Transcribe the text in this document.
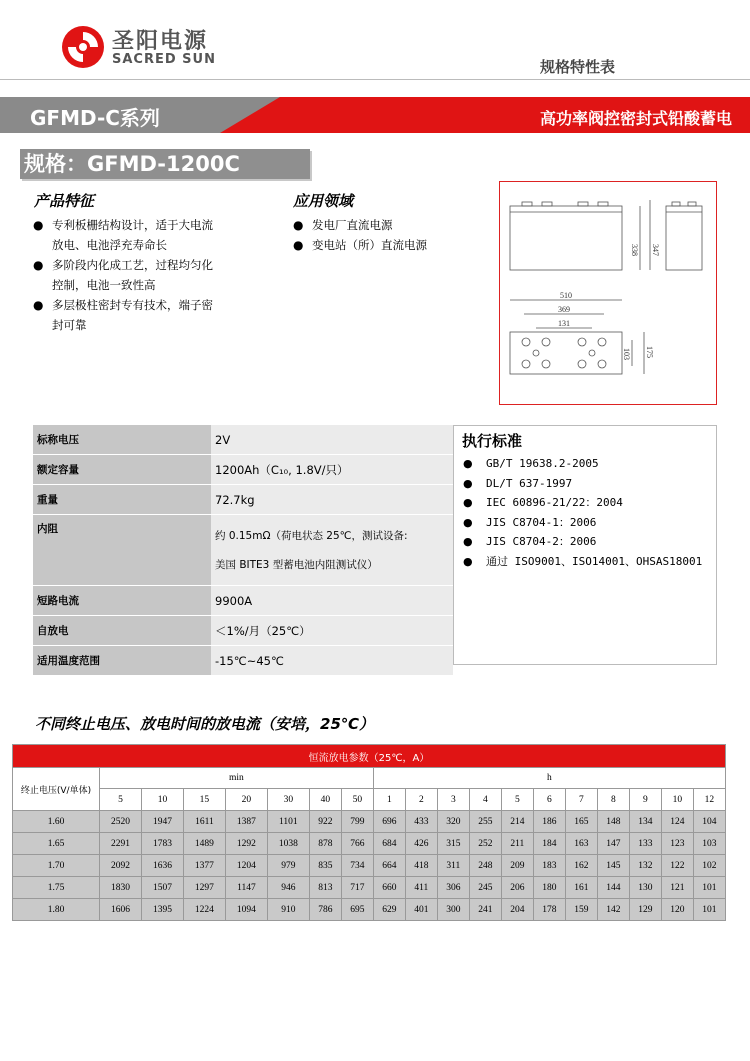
圣阳电源
SACRED SUN	规格特性表
GFMD-C系列	高功率阀控密封式铅酸蓄电
规格：GFMD-1200C
产品特征
● 专利板栅结构设计，适于大电流
放电、电池浮充寿命长
● 多阶段内化成工艺，过程均匀化
控制，电池一致性高
● 多层极柱密封专有技术，端子密
封可靠
应用领域
● 发电厂直流电源
● 变电站（所）直流电源	338 347
510
369
131
103 175
标称电压	2V
额定容量	1200Ah（C₁₀, 1.8V/只）
重量	72.7kg
内阻	约 0.15mΩ（荷电状态 25℃，测试设备:
美国 BITE3 型蓄电池内阻测试仪）

短路电流	9900A
自放电	＜1%/月（25℃）
适用温度范围	-15℃~45℃
执行标准
● GB/T 19638.2-2005
● DL/T 637-1997
● IEC 60896-21/22：2004
● JIS C8704-1：2006
● JIS C8704-2：2006
● 通过 ISO9001、ISO14001、OHSAS18001
不同终止电压、放电时间的放电流（安培，25℃）
恒流放电参数（25℃，A）																		
终止电压(V/单体)	min							h										
	5	10	15	20	30	40	50	1	2	3	4	5	6	7	8	9	10	12
1.60	2520	1947	1611	1387	1101	922	799	696	433	320	255	214	186	165	148	134	124	104
1.65	2291	1783	1489	1292	1038	878	766	684	426	315	252	211	184	163	147	133	123	103
1.70	2092	1636	1377	1204	979	835	734	664	418	311	248	209	183	162	145	132	122	102
1.75	1830	1507	1297	1147	946	813	717	660	411	306	245	206	180	161	144	130	121	101
1.80	1606	1395	1224	1094	910	786	695	629	401	300	241	204	178	159	142	129	120	101
